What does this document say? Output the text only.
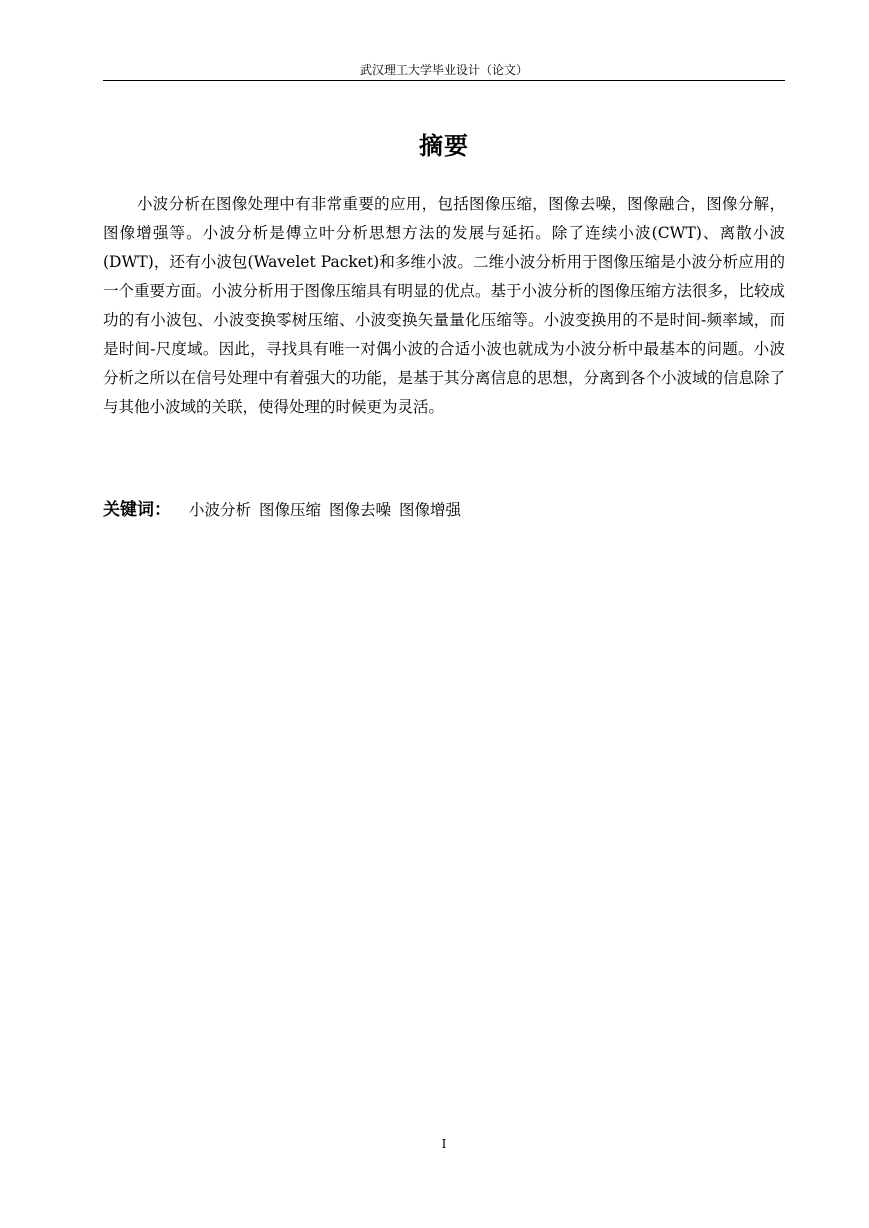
武汉理工大学毕业设计（论文）
摘要

小波分析在图像处理中有非常重要的应用，包括图像压缩，图像去噪，图像融合，图像分解，图像增强等。小波分析是傅立叶分析思想方法的发展与延拓。除了连续小波(CWT)、离散小波(DWT)，还有小波包(Wavelet Packet)和多维小波。二维小波分析用于图像压缩是小波分析应用的一个重要方面。小波分析用于图像压缩具有明显的优点。基于小波分析的图像压缩方法很多，比较成功的有小波包、小波变换零树压缩、小波变换矢量量化压缩等。小波变换用的不是时间-频率域，而是时间-尺度域。因此，寻找具有唯一对偶小波的合适小波也就成为小波分析中最基本的问题。小波分析之所以在信号处理中有着强大的功能，是基于其分离信息的思想，分离到各个小波域的信息除了与其他小波域的关联，使得处理的时候更为灵活。

关键词： 小波分析 图像压缩 图像去噪 图像增强
I
